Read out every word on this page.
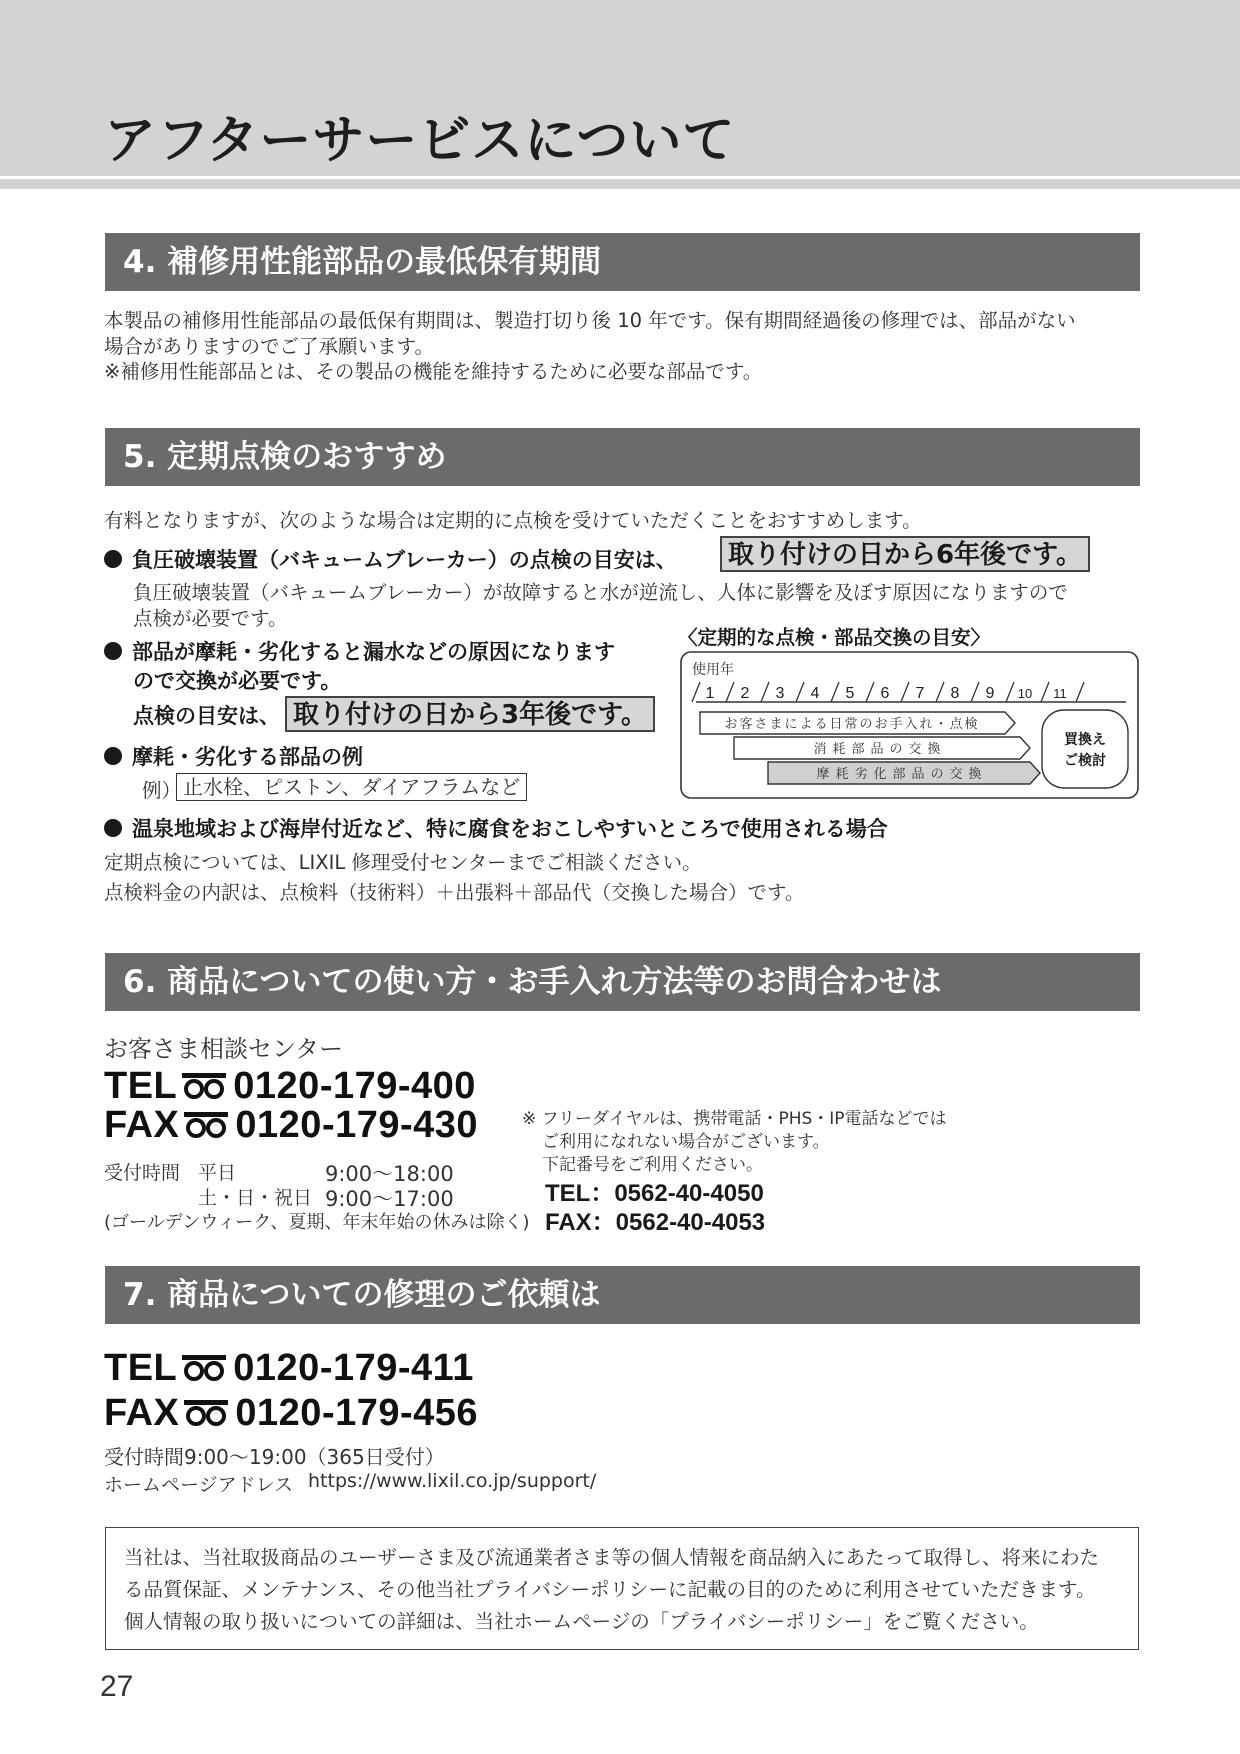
アフターサービスについて
4. 補修用性能部品の最低保有期間
本製品の補修用性能部品の最低保有期間は、製造打切り後 10 年です。保有期間経過後の修理では、部品がない
場合がありますのでご了承願います。
※補修用性能部品とは、その製品の機能を維持するために必要な部品です。
5. 定期点検のおすすめ
有料となりますが、次のような場合は定期的に点検を受けていただくことをおすすめします。
負圧破壊装置（バキュームブレーカー）の点検の目安は、	取り付けの日から6年後です。
負圧破壊装置（バキュームブレーカー）が故障すると水が逆流し、人体に影響を及ぼす原因になりますので
点検が必要です。
部品が摩耗・劣化すると漏水などの原因になります
ので交換が必要です。
点検の目安は、 取り付けの日から3年後です。
摩耗・劣化する部品の例
例） 止水栓、ピストン、ダイアフラムなど
〈定期的な点検・部品交換の目安〉
使用年
1 2 3 4 5 6 7 8 9 10 11
お客さまによる日常のお手入れ・点検
消耗部品の交換
摩耗劣化部品の交換
買換え
ご検討
温泉地域および海岸付近など、特に腐食をおこしやすいところで使用される場合
定期点検については、LIXIL 修理受付センターまでご相談ください。
点検料金の内訳は、点検料（技術料）＋出張料＋部品代（交換した場合）です。
6. 商品についての使い方・お手入れ方法等のお問合わせは
お客さま相談センター
TEL 0120-179-400
FAX 0120-179-430
受付時間 平日	9:00〜18:00
土・日・祝日 9:00〜17:00
(ゴールデンウィーク、夏期、年末年始の休みは除く)
※ フリーダイヤルは、携帯電話・PHS・IP電話などでは
ご利用になれない場合がございます。
下記番号をご利用ください。
TEL：0562-40-4050
FAX：0562-40-4053
7. 商品についての修理のご依頼は
TEL 0120-179-411
FAX 0120-179-456
受付時間9:00〜19:00（365日受付）
ホームページアドレス https://www.lixil.co.jp/support/
当社は、当社取扱商品のユーザーさま及び流通業者さま等の個人情報を商品納入にあたって取得し、将来にわた
る品質保証、メンテナンス、その他当社プライバシーポリシーに記載の目的のために利用させていただきます。
個人情報の取り扱いについての詳細は、当社ホームページの「プライバシーポリシー」をご覧ください。
27
